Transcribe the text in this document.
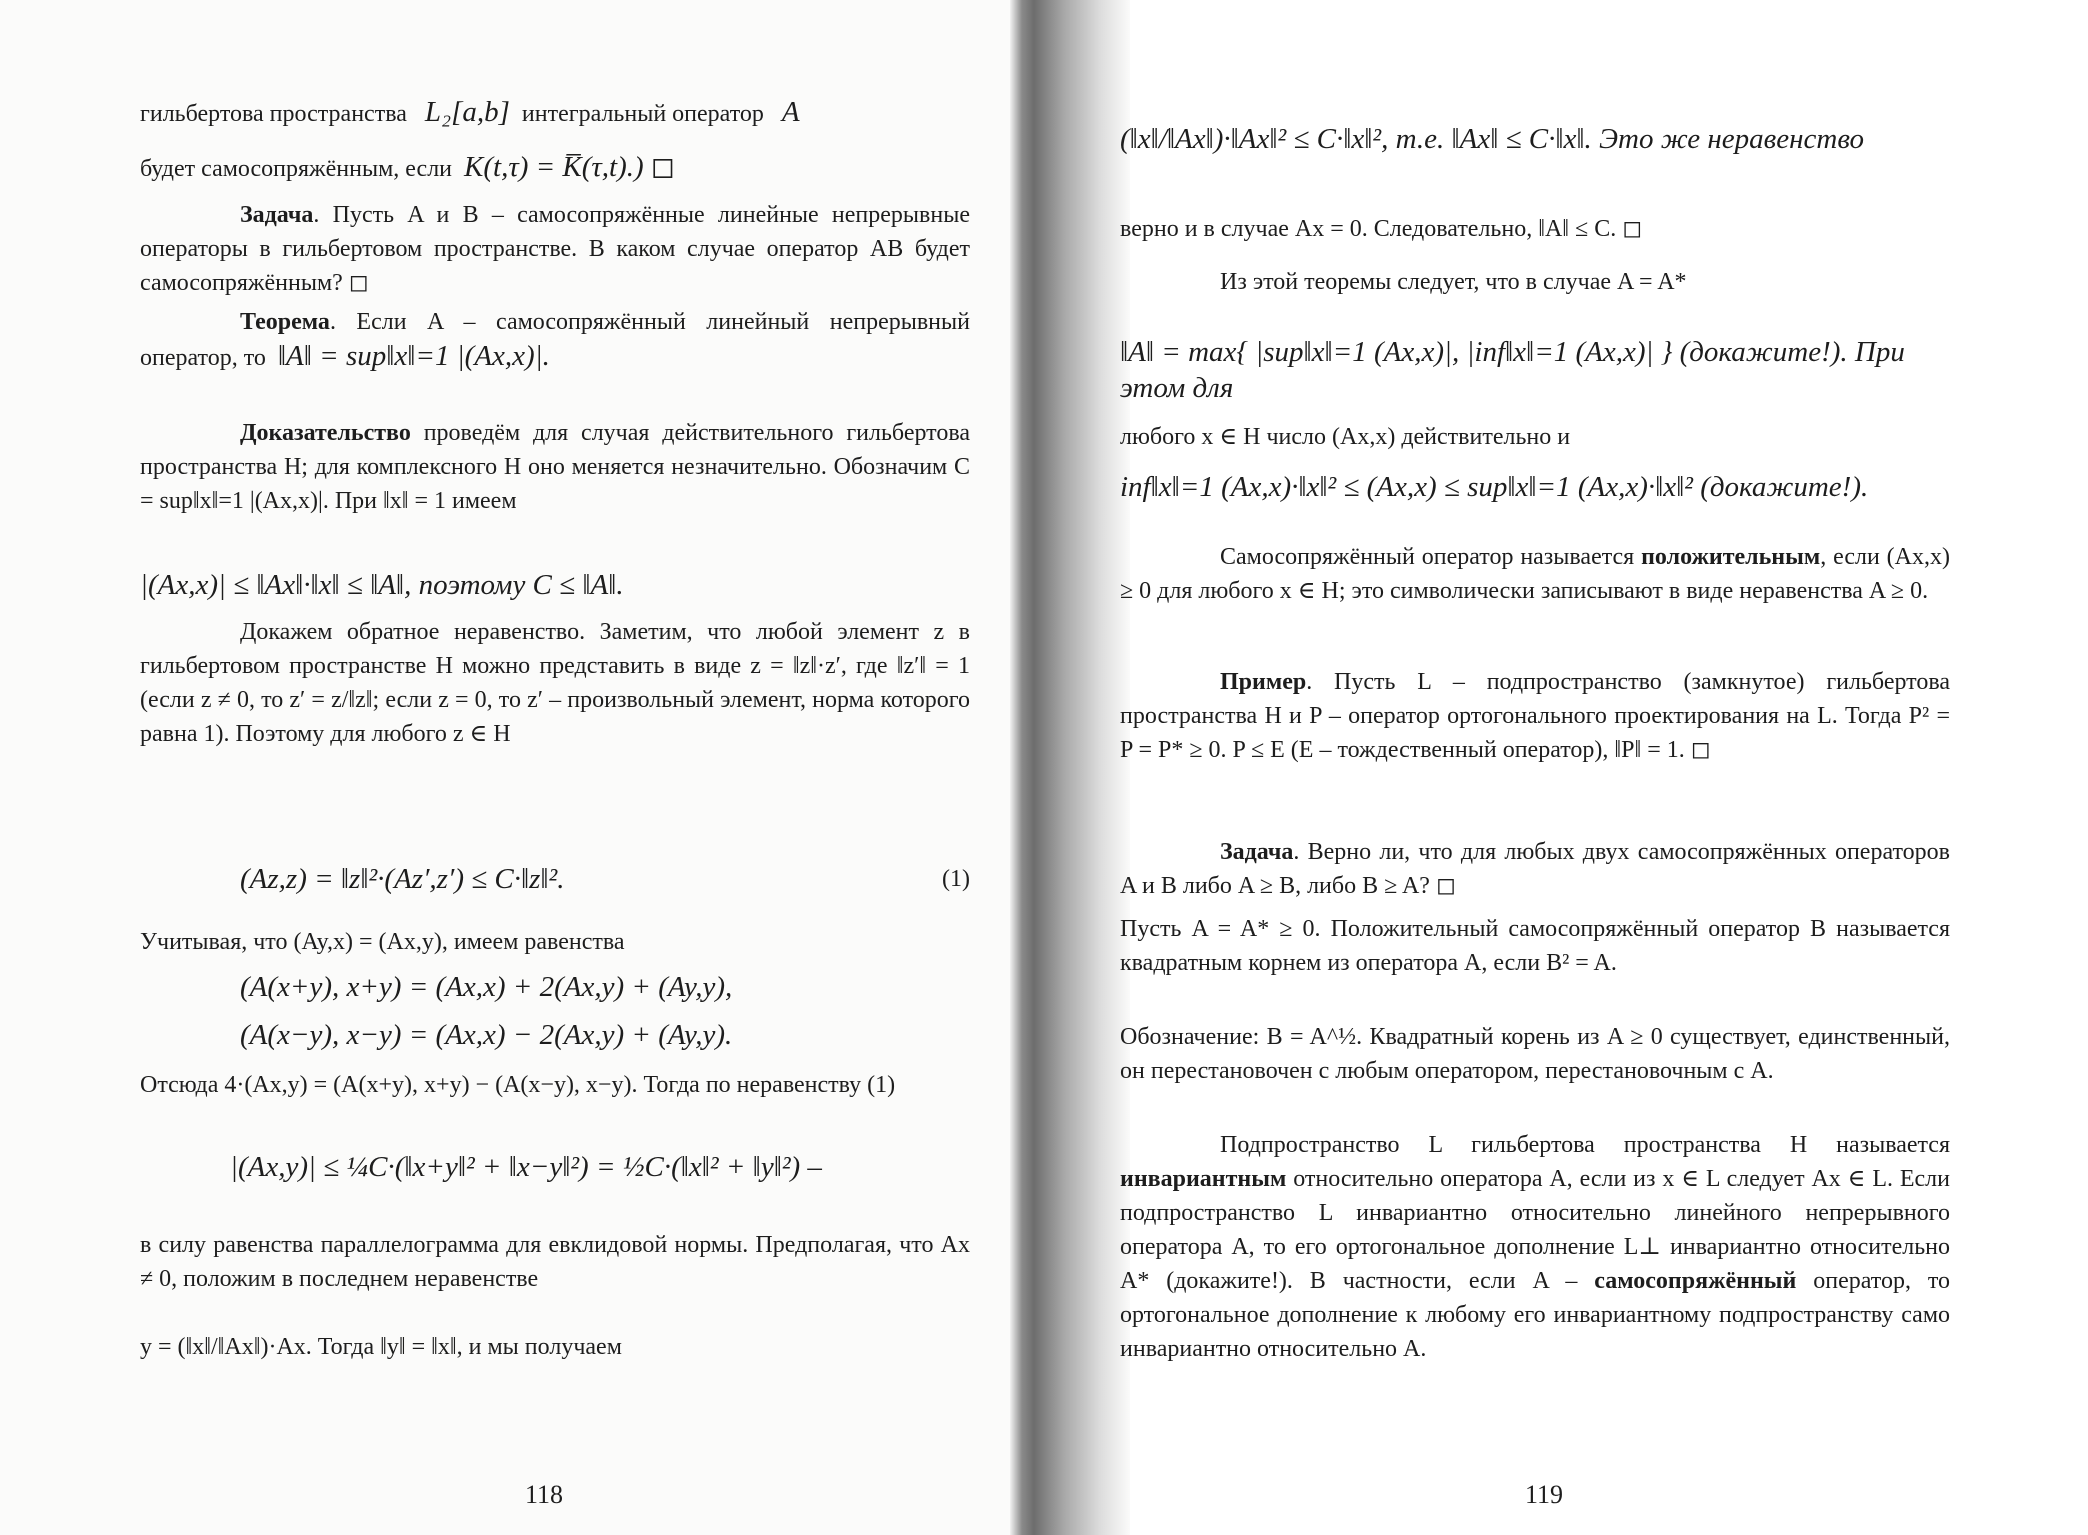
гильбертова пространства L₂[a,b] интегральный оператор A
будет самосопряжённым, если K(t,τ) = K̅(τ,t).) ◻
Задача. Пусть A и B – самосопряжённые линейные непрерывные операторы в гильбертовом пространстве. В каком случае оператор AB будет самосопряжённым? ◻
Теорема. Если A – самосопряжённый линейный непрерывный оператор, то ‖A‖ = sup‖x‖=1 |(Ax,x)|.
Доказательство проведём для случая действительного гильбертова пространства H; для комплексного H оно меняется незначительно. Обозначим C = sup‖x‖=1 |(Ax,x)|. При ‖x‖ = 1 имеем
|(Ax,x)| ≤ ‖Ax‖·‖x‖ ≤ ‖A‖, поэтому C ≤ ‖A‖.
Докажем обратное неравенство. Заметим, что любой элемент z в гильбертовом пространстве H можно представить в виде z = ‖z‖·z′, где ‖z′‖ = 1 (если z ≠ 0, то z′ = z/‖z‖; если z = 0, то z′ – произвольный элемент, норма которого равна 1). Поэтому для любого z ∈ H
(Az,z) = ‖z‖²·(Az′,z′) ≤ C·‖z‖².	(1)
Учитывая, что (Ay,x) = (Ax,y), имеем равенства
(A(x+y), x+y) = (Ax,x) + 2(Ax,y) + (Ay,y),
(A(x−y), x−y) = (Ax,x) − 2(Ax,y) + (Ay,y).
Отсюда 4·(Ax,y) = (A(x+y), x+y) − (A(x−y), x−y). Тогда по неравенству (1)
|(Ax,y)| ≤ ¼C·(‖x+y‖² + ‖x−y‖²) = ½C·(‖x‖² + ‖y‖²) –
в силу равенства параллелограмма для евклидовой нормы. Предполагая, что Ax ≠ 0, положим в последнем неравенстве
y = (‖x‖/‖Ax‖)·Ax. Тогда ‖y‖ = ‖x‖, и мы получаем
118
(‖x‖/‖Ax‖)·‖Ax‖² ≤ C·‖x‖², т.е. ‖Ax‖ ≤ C·‖x‖. Это же неравенство
верно и в случае Ax = 0. Следовательно, ‖A‖ ≤ C. ◻
Из этой теоремы следует, что в случае A = A*
‖A‖ = max{ |sup‖x‖=1 (Ax,x)|, |inf‖x‖=1 (Ax,x)| } (докажите!). При этом для
любого x ∈ H число (Ax,x) действительно и
inf‖x‖=1 (Ax,x)·‖x‖² ≤ (Ax,x) ≤ sup‖x‖=1 (Ax,x)·‖x‖² (докажите!).
Самосопряжённый оператор называется положительным, если (Ax,x) ≥ 0 для любого x ∈ H; это символически записывают в виде неравенства A ≥ 0.
Пример. Пусть L – подпространство (замкнутое) гильбертова пространства H и P – оператор ортогонального проектирования на L. Тогда P² = P = P* ≥ 0. P ≤ E (E – тождественный оператор), ‖P‖ = 1. ◻
Задача. Верно ли, что для любых двух самосопряжённых операторов A и B либо A ≥ B, либо B ≥ A? ◻
Пусть A = A* ≥ 0. Положительный самосопряжённый оператор B называется квадратным корнем из оператора A, если B² = A.
Обозначение: B = A^½. Квадратный корень из A ≥ 0 существует, единственный, он перестановочен с любым оператором, перестановочным с A.
Подпространство L гильбертова пространства H называется инвариантным относительно оператора A, если из x ∈ L следует Ax ∈ L. Если подпространство L инвариантно относительно линейного непрерывного оператора A, то его ортогональное дополнение L⊥ инвариантно относительно A* (докажите!). В частности, если A – самосопряжённый оператор, то ортогональное дополнение к любому его инвариантному подпространству само инвариантно относительно A.
119
